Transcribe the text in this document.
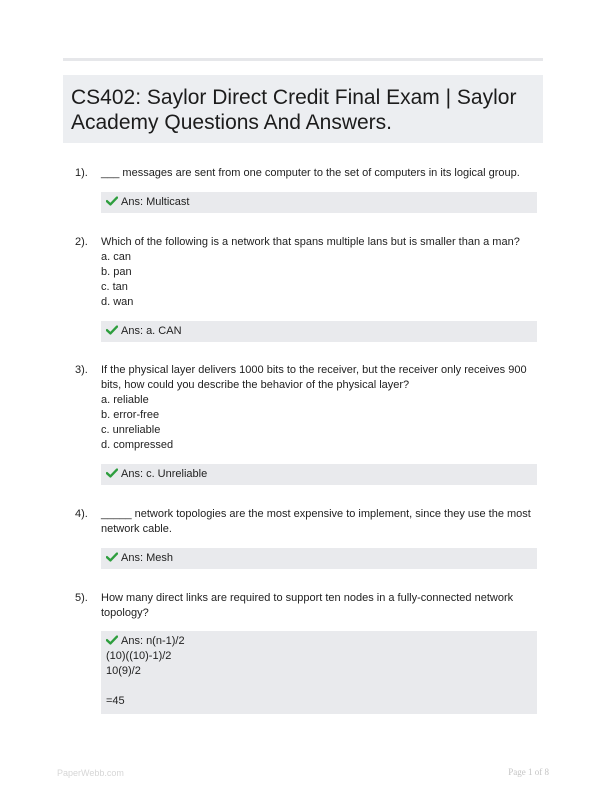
CS402: Saylor Direct Credit Final Exam | Saylor Academy Questions And Answers.
1). ___ messages are sent from one computer to the set of computers in its logical group.

Ans: Multicast
2). Which of the following is a network that spans multiple lans but is smaller than a man?

a. can

b. pan

c. tan

d. wan

Ans: a. CAN
3). If the physical layer delivers 1000 bits to the receiver, but the receiver only receives 900 bits, how could you describe the behavior of the physical layer?

a. reliable

b. error-free

c. unreliable

d. compressed

Ans: c. Unreliable
4). _____ network topologies are the most expensive to implement, since they use the most network cable.

Ans: Mesh
5). How many direct links are required to support ten nodes in a fully-connected network topology?

Ans: n(n-1)/2
(10)((10)-1)/2
10(9)/2
=45
PaperWebb.com	Page 1 of 8
